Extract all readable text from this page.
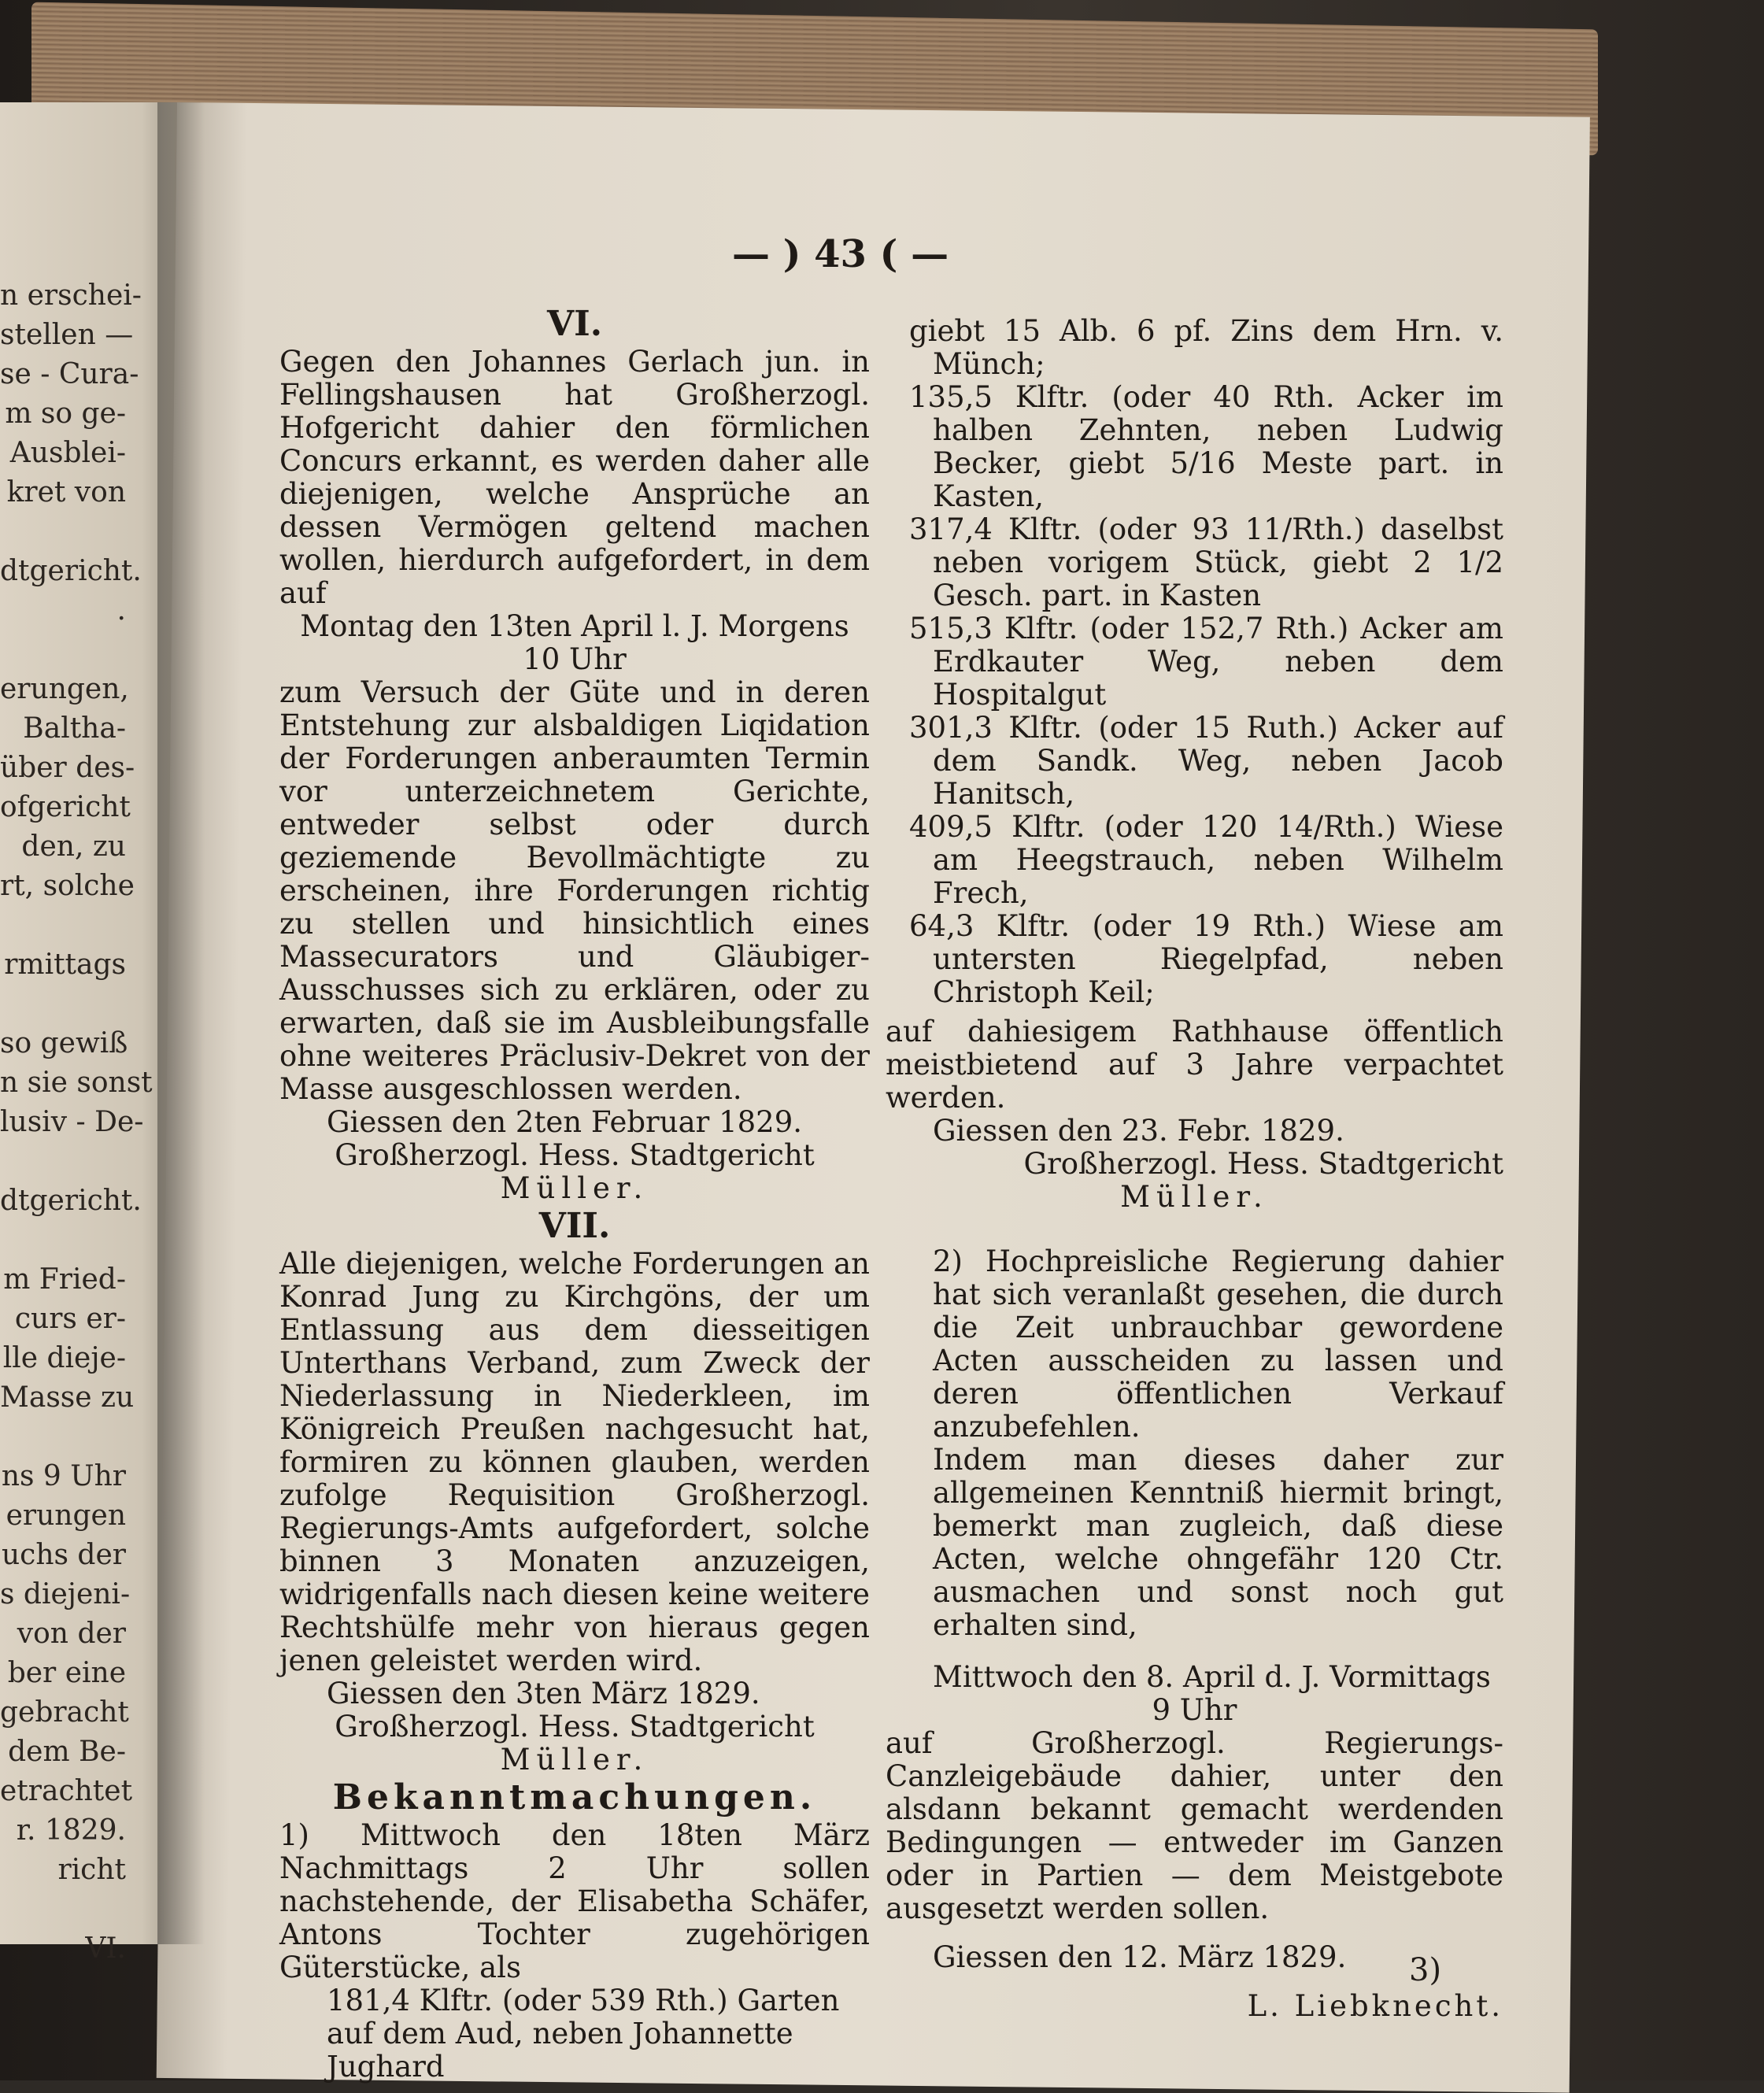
n erschei-
stellen —
se - Cura-
m so ge-
Ausblei-
kret von
dtgericht.
.
erungen,
Baltha-
über des-
ofgericht
den, zu
rt, solche
rmittags
so gewiß
n sie sonst
lusiv - De-
dtgericht.
m Fried-
curs er-
lle dieje-
Masse zu
ns 9 Uhr
erungen
uchs der
s diejeni-
von der
ber eine
gebracht
dem Be-
etrachtet
r. 1829.
richt
VI.
— ) 43 ( —

VI.

Gegen den Johannes Gerlach jun. in Fellingshausen hat Großherzogl. Hofgericht dahier den förmlichen Concurs erkannt, es werden daher alle diejenigen, welche Ansprüche an dessen Vermögen geltend machen wollen, hierdurch aufgefordert, in dem auf

Montag den 13ten April l. J. Morgens

10 Uhr

zum Versuch der Güte und in deren Entstehung zur alsbaldigen Liqidation der Forderungen anberaumten Termin vor unterzeichnetem Gerichte, entweder selbst oder durch geziemende Bevollmächtigte zu erscheinen, ihre Forderungen richtig zu stellen und hinsichtlich eines Massecurators und Gläubiger-Ausschusses sich zu erklären, oder zu erwarten, daß sie im Ausbleibungsfalle ohne weiteres Präclusiv-Dekret von der Masse ausgeschlossen werden.

Giessen den 2ten Februar 1829.

Großherzogl. Hess. Stadtgericht

Müller.

VII.

Alle diejenigen, welche Forderungen an Konrad Jung zu Kirchgöns, der um Entlassung aus dem diesseitigen Unterthans Verband, zum Zweck der Niederlassung in Niederkleen, im Königreich Preußen nachgesucht hat, formiren zu können glauben, werden zufolge Requisition Großherzogl. Regierungs-Amts aufgefordert, solche binnen 3 Monaten anzuzeigen, widrigenfalls nach diesen keine weitere Rechtshülfe mehr von hieraus gegen jenen geleistet werden wird.

Giessen den 3ten März 1829.

Großherzogl. Hess. Stadtgericht

Müller.

Bekanntmachungen.

1) Mittwoch den 18ten März Nachmittags 2 Uhr sollen nachstehende, der Elisabetha Schäfer, Antons Tochter zugehörigen Güterstücke, als

181,4 Klftr. (oder 539 Rth.) Garten auf dem Aud, neben Johannette Jughard

giebt 15 Alb. 6 pf. Zins dem Hrn. v. Münch;

135,5 Klftr. (oder 40 Rth. Acker im halben Zehnten, neben Ludwig Becker, giebt 5/16 Meste part. in Kasten,

317,4 Klftr. (oder 93 11/Rth.) daselbst neben vorigem Stück, giebt 2 1/2 Gesch. part. in Kasten

515,3 Klftr. (oder 152,7 Rth.) Acker am Erdkauter Weg, neben dem Hospitalgut

301,3 Klftr. (oder 15 Ruth.) Acker auf dem Sandk. Weg, neben Jacob Hanitsch,

409,5 Klftr. (oder 120 14/Rth.) Wiese am Heegstrauch, neben Wilhelm Frech,

64,3 Klftr. (oder 19 Rth.) Wiese am untersten Riegelpfad, neben Christoph Keil;

auf dahiesigem Rathhause öffentlich meistbietend auf 3 Jahre verpachtet werden.

Giessen den 23. Febr. 1829.

Großherzogl. Hess. Stadtgericht

Müller.

2) Hochpreisliche Regierung dahier hat sich veranlaßt gesehen, die durch die Zeit unbrauchbar gewordene Acten ausscheiden zu lassen und deren öffentlichen Verkauf anzubefehlen.

Indem man dieses daher zur allgemeinen Kenntniß hiermit bringt, bemerkt man zugleich, daß diese Acten, welche ohngefähr 120 Ctr. ausmachen und sonst noch gut erhalten sind,

Mittwoch den 8. April d. J. Vormittags

9 Uhr

auf Großherzogl. Regierungs-Canzleigebäude dahier, unter den alsdann bekannt gemacht werdenden Bedingungen — entweder im Ganzen oder in Partien — dem Meistgebote ausgesetzt werden sollen.

Giessen den 12. März 1829.

L. Liebknecht.

3)
